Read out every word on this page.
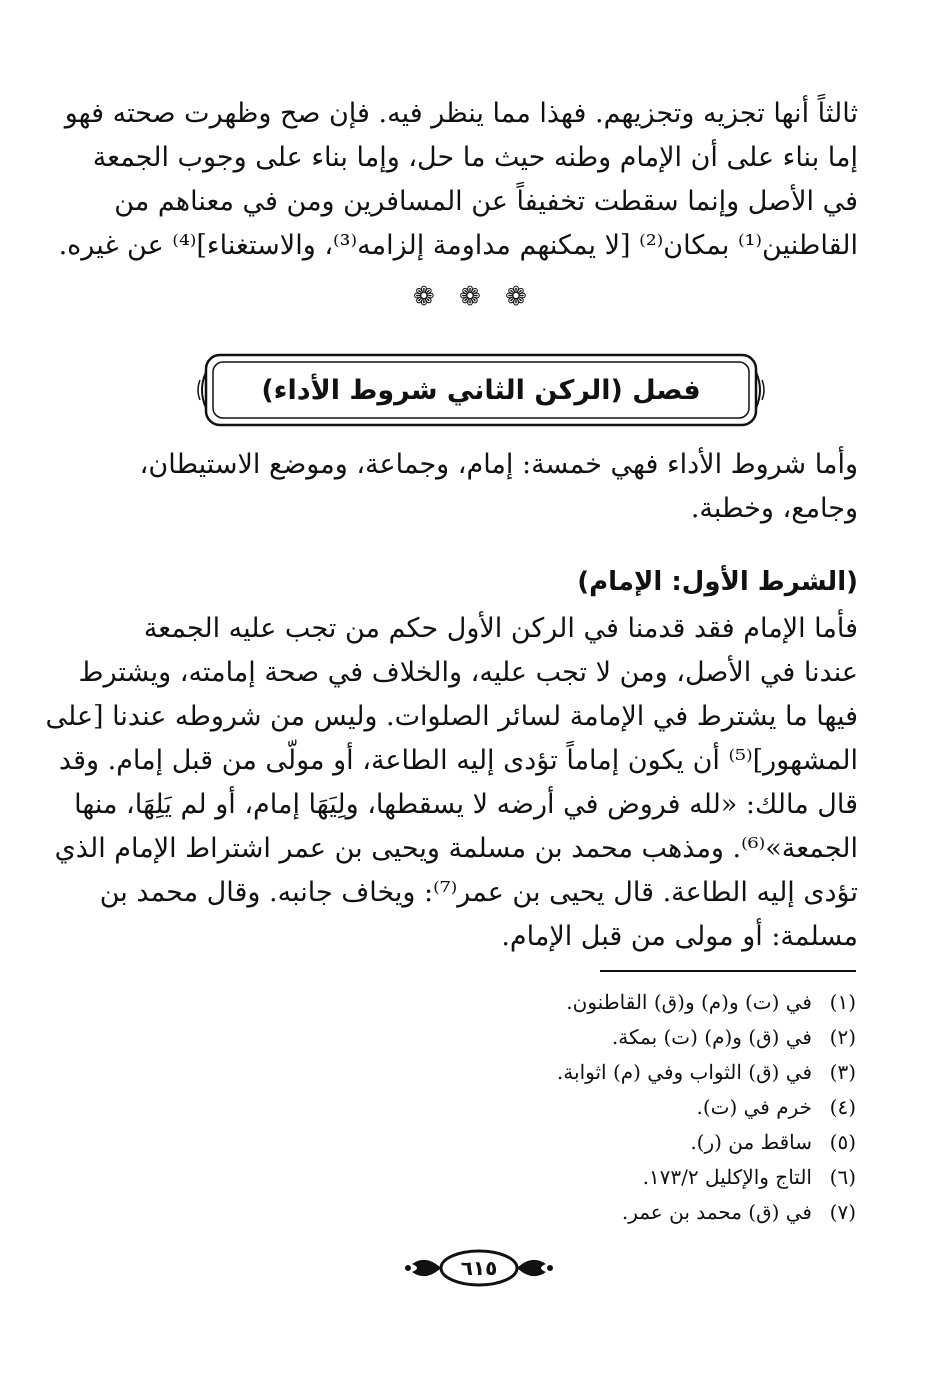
ثالثاً أنها تجزيه وتجزيهم. فهذا مما ينظر فيه. فإن صح وظهرت صحته فهو
إما بناء على أن الإمام وطنه حيث ما حل، وإما بناء على وجوب الجمعة
في الأصل وإنما سقطت تخفيفاً عن المسافرين ومن في معناهم من
القاطنين⁽¹⁾ بمكان⁽²⁾ [لا يمكنهم مداومة إلزامه⁽³⁾، والاستغناء]⁽⁴⁾ عن غيره.
❁ ❁ ❁
فصل (الركن الثاني شروط الأداء)
وأما شروط الأداء فهي خمسة: إمام، وجماعة، وموضع الاستيطان،
وجامع، وخطبة.
(الشرط الأول: الإمام)
فأما الإمام فقد قدمنا في الركن الأول حكم من تجب عليه الجمعة
عندنا في الأصل، ومن لا تجب عليه، والخلاف في صحة إمامته، ويشترط
فيها ما يشترط في الإمامة لسائر الصلوات. وليس من شروطه عندنا [على
المشهور]⁽⁵⁾ أن يكون إماماً تؤدى إليه الطاعة، أو مولّى من قبل إمام. وقد
قال مالك: «لله فروض في أرضه لا يسقطها، ولِيَهَا إمام، أو لم يَلِهَا، منها
الجمعة»⁽⁶⁾. ومذهب محمد بن مسلمة ويحيى بن عمر اشتراط الإمام الذي
تؤدى إليه الطاعة. قال يحيى بن عمر⁽⁷⁾: ويخاف جانبه. وقال محمد بن
مسلمة: أو مولى من قبل الإمام.
(١)في (ت) و(م) و(ق) القاطنون.
(٢)في (ق) و(م) (ت) بمكة.
(٣)في (ق) الثواب وفي (م) اثوابة.
(٤)خرم في (ت).
(٥)ساقط من (ر).
(٦)التاج والإكليل ١٧٣/٢.
(٧)في (ق) محمد بن عمر.
٦١٥
